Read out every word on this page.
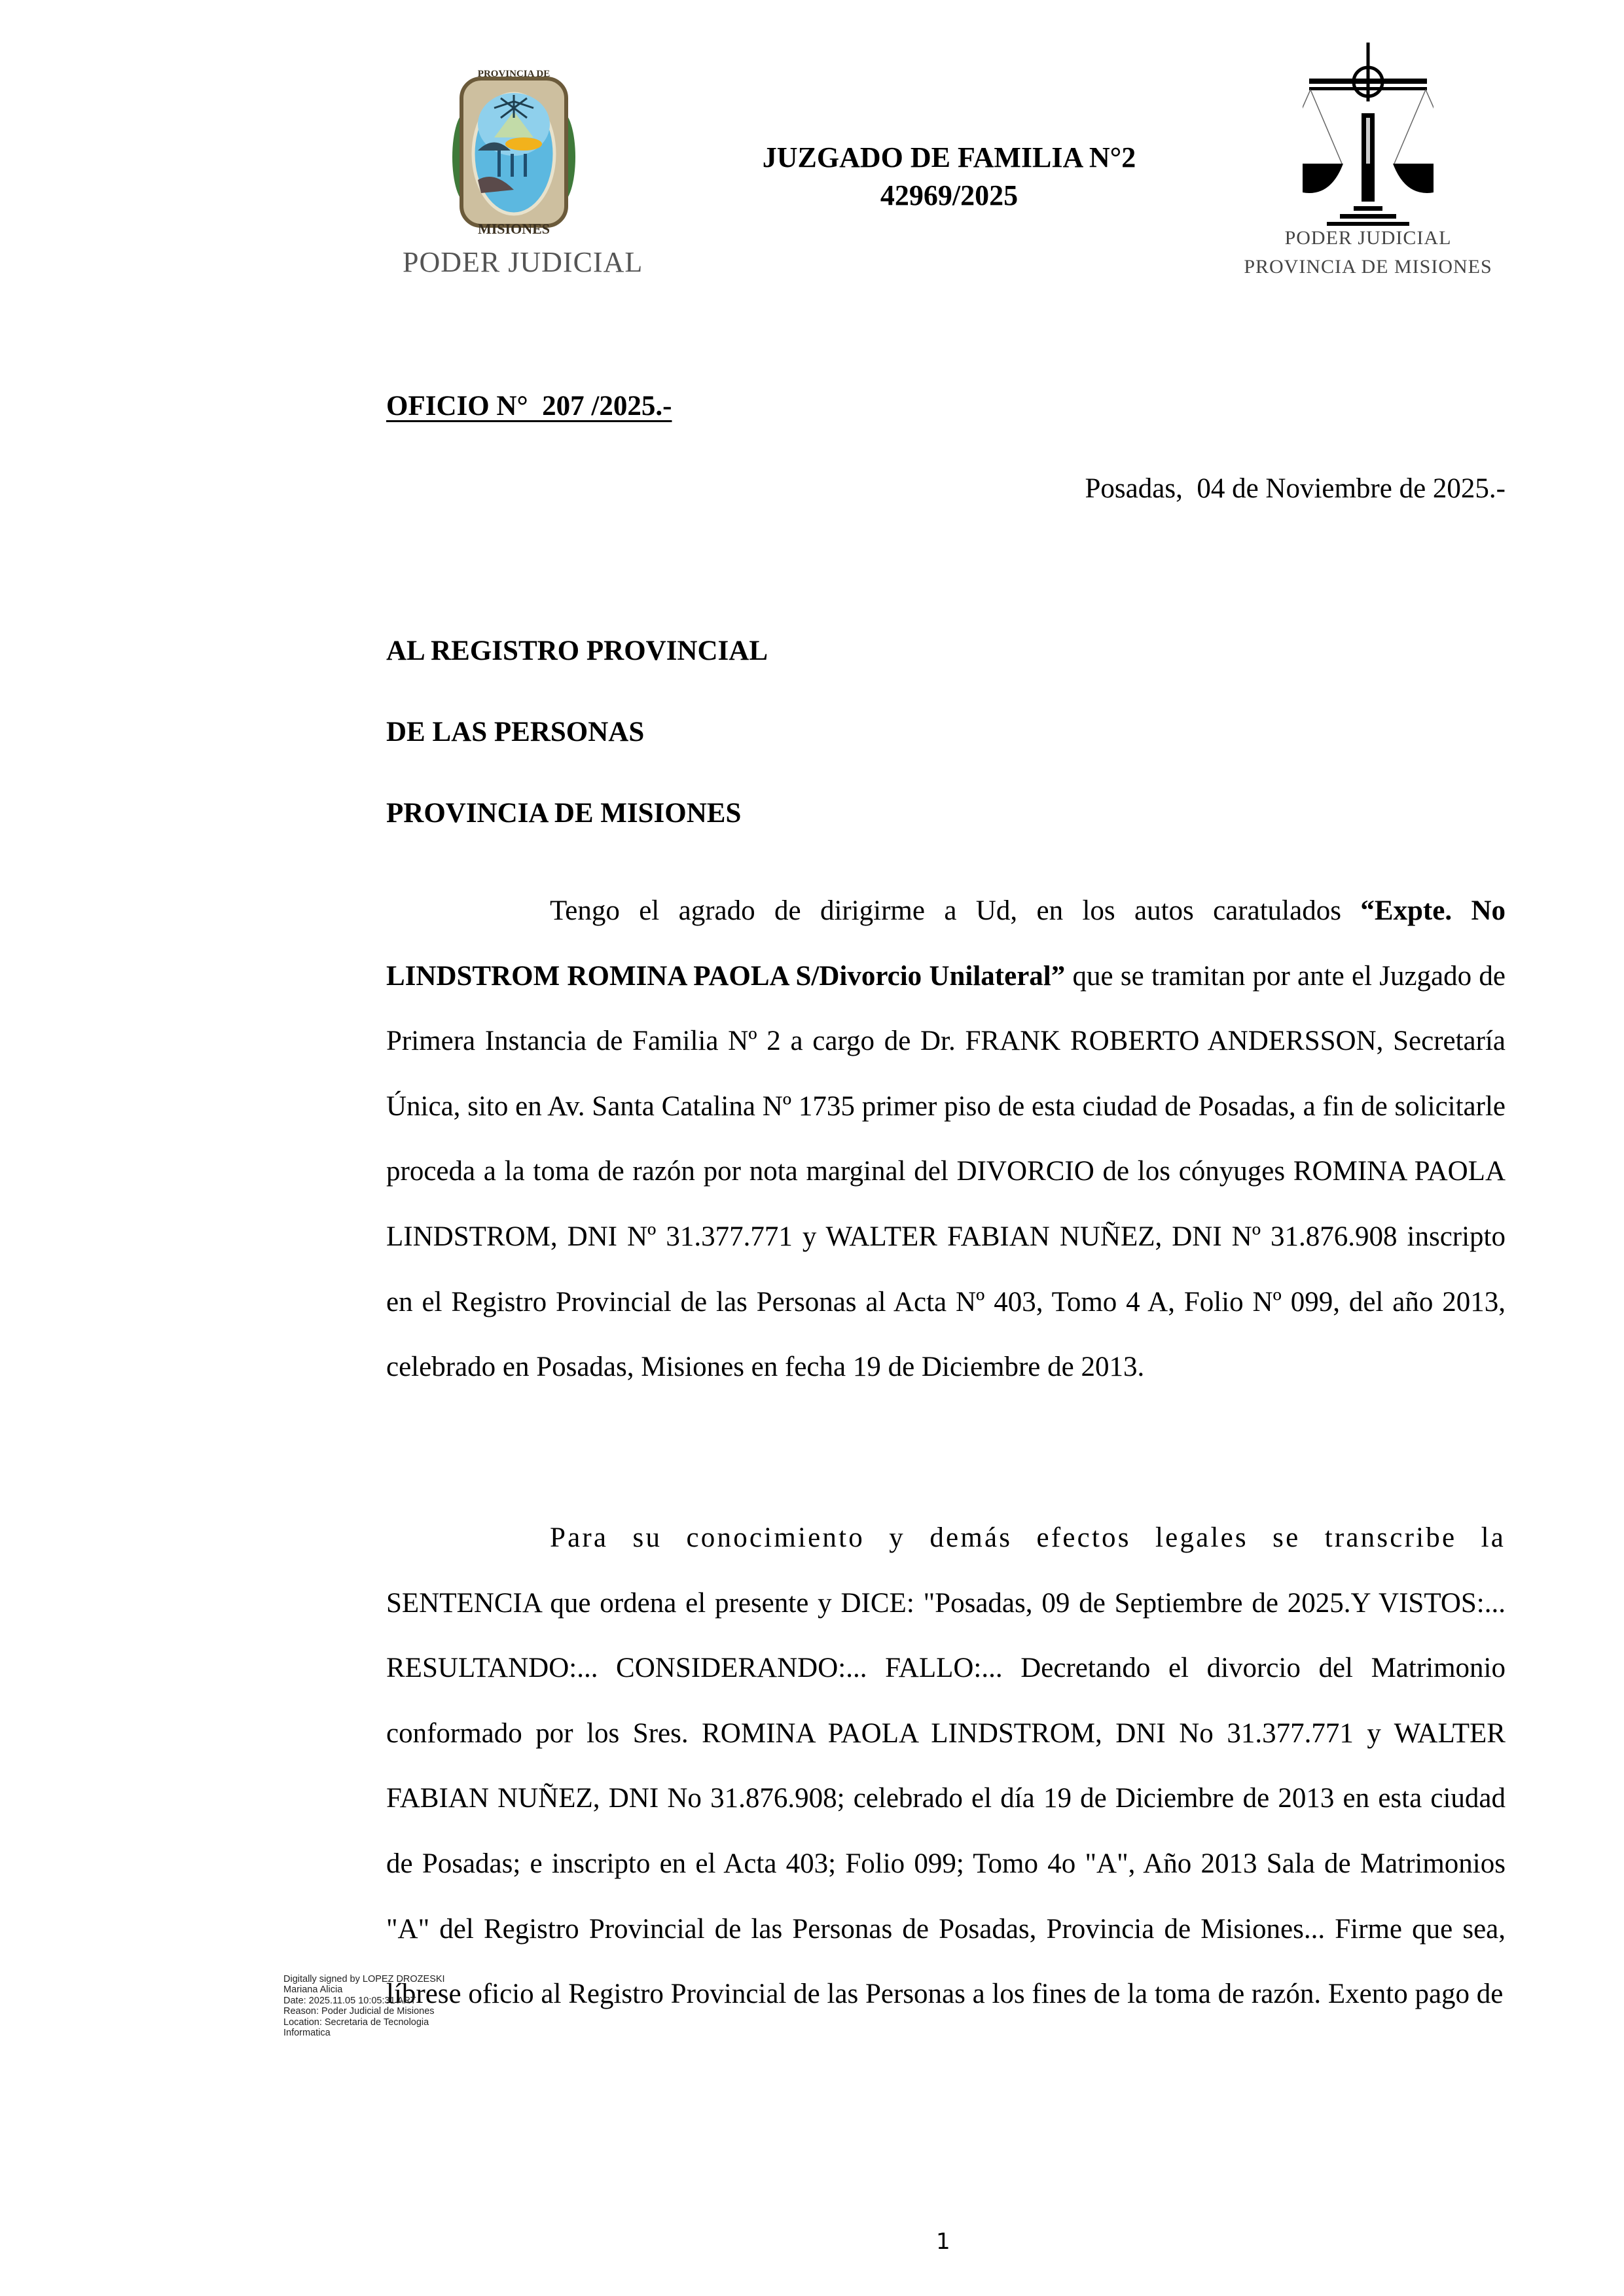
PROVINCIA DE
MISIONES
PODER JUDICIAL
JUZGADO DE FAMILIA N°2
42969/2025
PODER JUDICIAL
PROVINCIA DE MISIONES
OFICIO N°  207 /2025.-
Posadas,  04 de Noviembre de 2025.-
AL REGISTRO PROVINCIAL
DE LAS PERSONAS
PROVINCIA DE MISIONES
Tengo el agrado de dirigirme a Ud, en los autos caratulados “Expte. No LINDSTROM ROMINA PAOLA S/Divorcio Unilateral” que se tramitan por ante el Juzgado de Primera Instancia de Familia Nº 2 a cargo de Dr. FRANK ROBERTO ANDERSSON, Secretaría Única, sito en Av. Santa Catalina Nº 1735 primer piso de esta ciudad de Posadas, a fin de solicitarle proceda a la toma de razón por nota marginal del DIVORCIO de los cónyuges ROMINA PAOLA LINDSTROM, DNI Nº 31.377.771 y WALTER FABIAN NUÑEZ, DNI Nº 31.876.908 inscripto en el Registro Provincial de las Personas al Acta Nº 403, Tomo 4 A, Folio Nº 099, del año 2013, celebrado en Posadas, Misiones en fecha 19 de Diciembre de 2013.
Para su conocimiento y demás efectos legales se transcribe la SENTENCIA que ordena el presente y DICE: "Posadas, 09 de Septiembre de 2025.Y VISTOS:... RESULTANDO:... CONSIDERANDO:... FALLO:... Decretando el divorcio del Matrimonio conformado por los Sres. ROMINA PAOLA LINDSTROM, DNI No 31.377.771 y WALTER FABIAN NUÑEZ, DNI No 31.876.908; celebrado el día 19 de Diciembre de 2013 en esta ciudad de Posadas; e inscripto en el Acta 403; Folio 099; Tomo 4o "A", Año 2013 Sala de Matrimonios "A" del Registro Provincial de las Personas de Posadas, Provincia de Misiones... Firme que sea, líbrese oficio al Registro Provincial de las Personas a los fines de la toma de razón. Exento pago de
Digitally signed by LOPEZ DROZESKI
Mariana Alicia
Date: 2025.11.05 10:05:31 ART
Reason: Poder Judicial de Misiones
Location: Secretaria de Tecnologia
Informatica
1
